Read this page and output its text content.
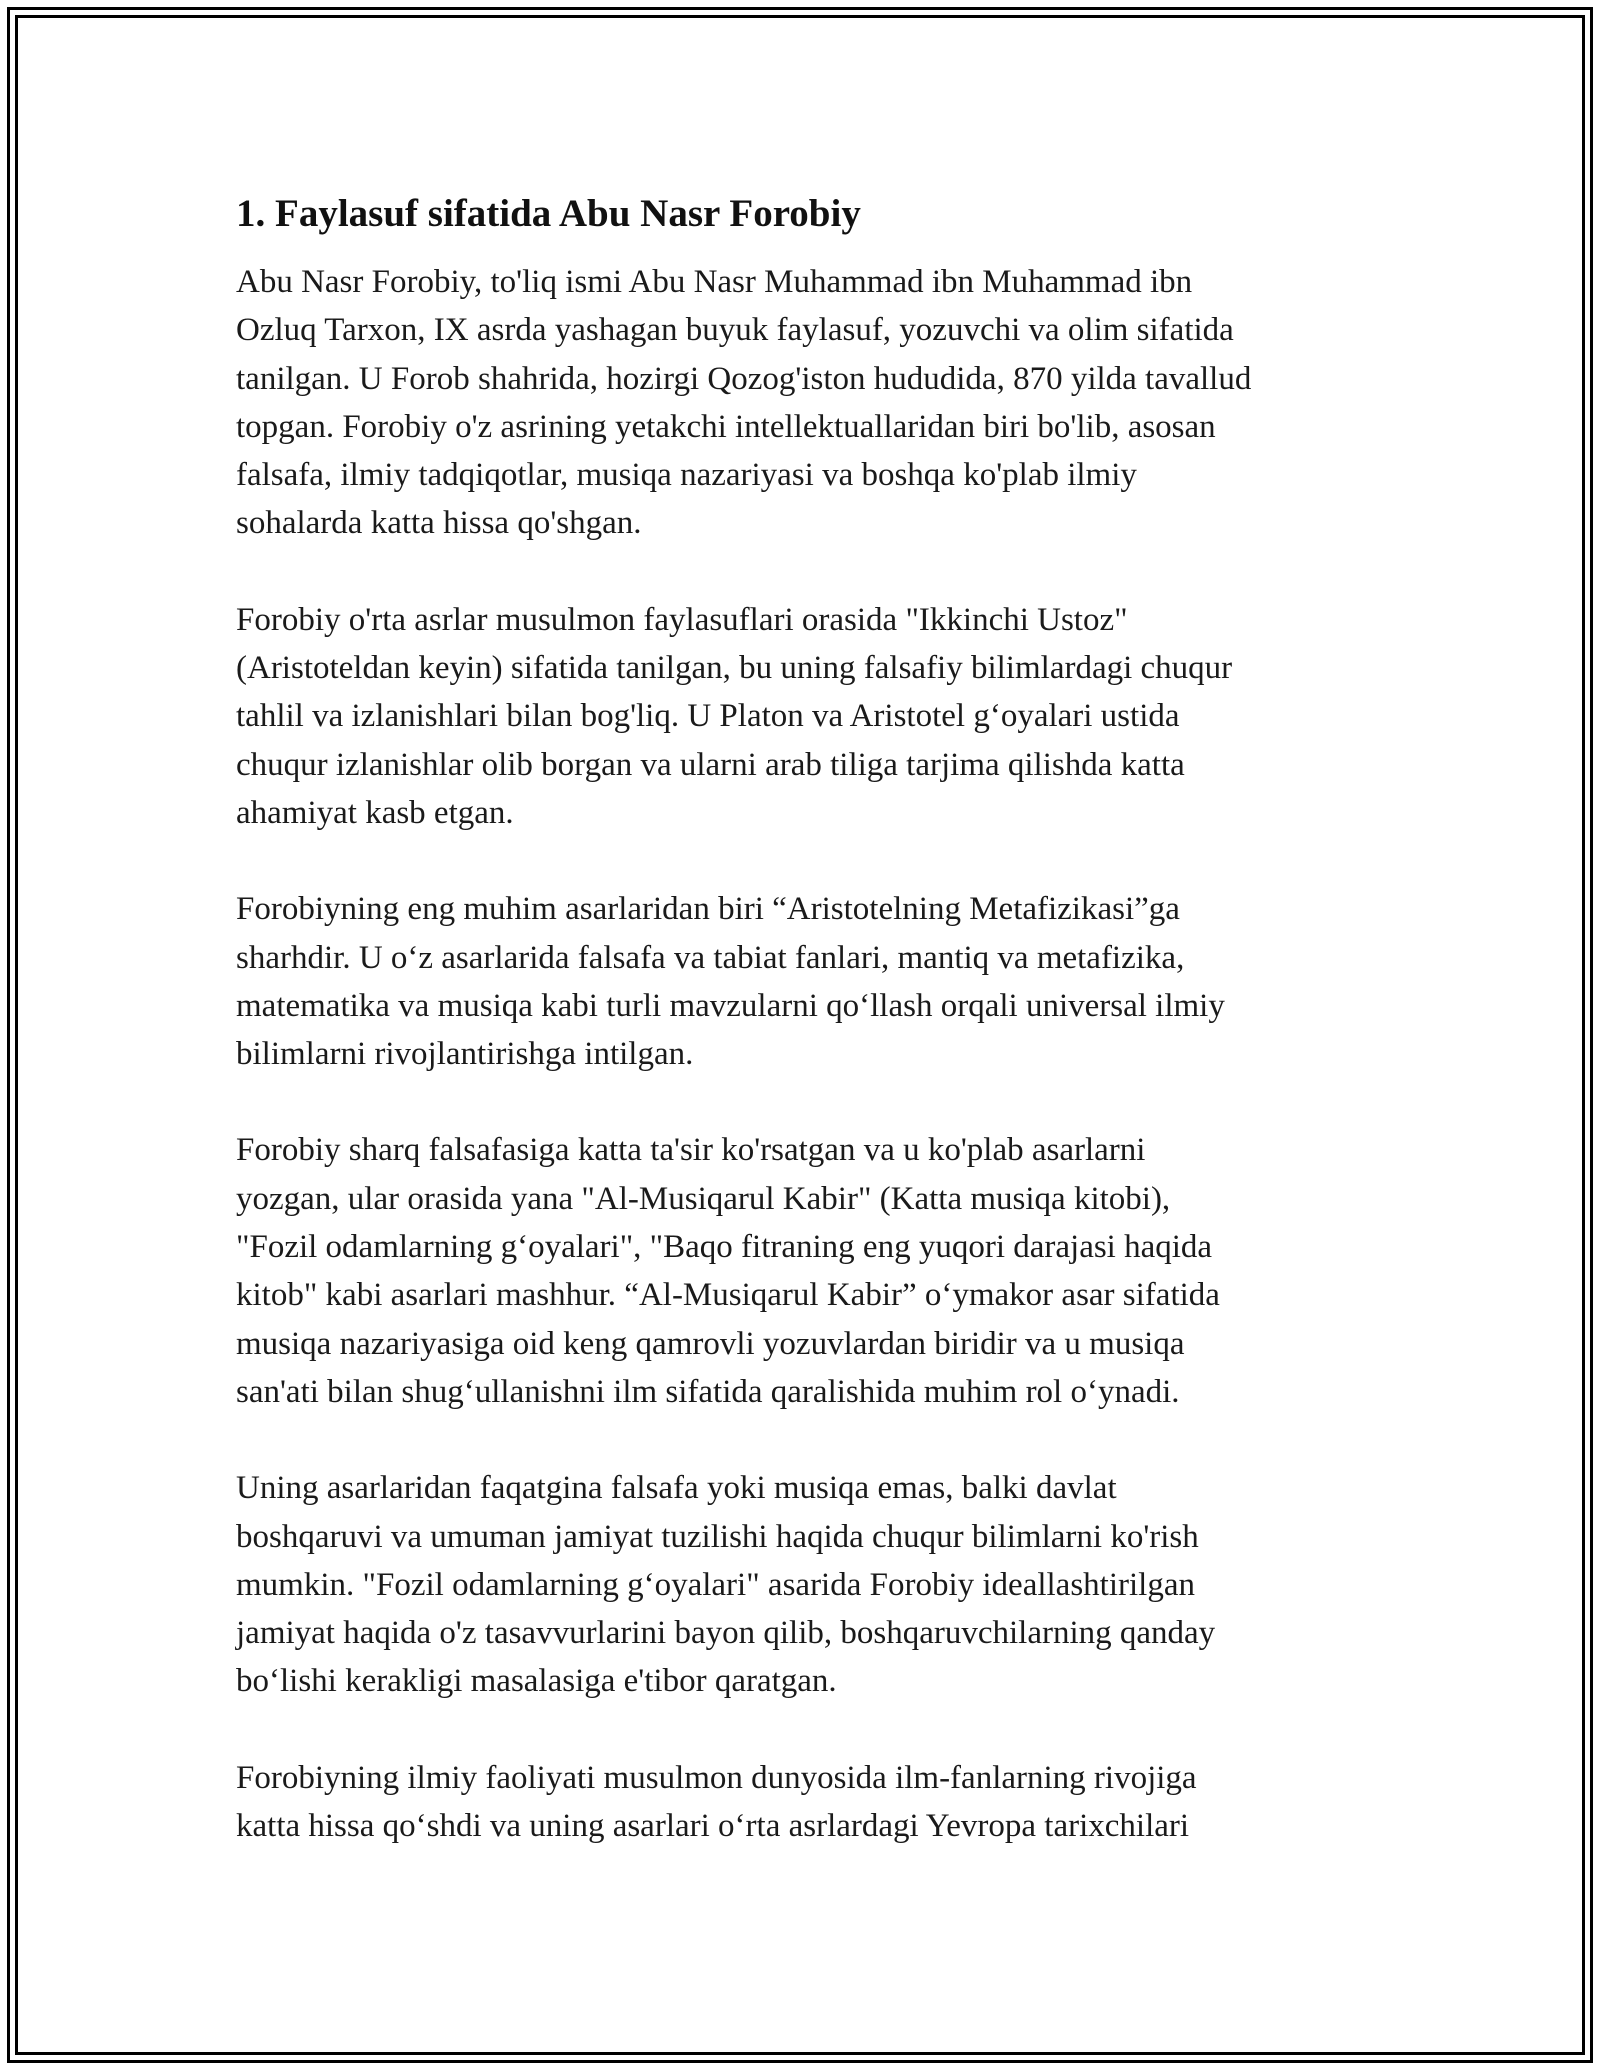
1. Faylasuf sifatida Abu Nasr Forobiy

Abu Nasr Forobiy, to'liq ismi Abu Nasr Muhammad ibn Muhammad ibn
Ozluq Tarxon, IX asrda yashagan buyuk faylasuf, yozuvchi va olim sifatida
tanilgan. U Forob shahrida, hozirgi Qozog'iston hududida, 870 yilda tavallud
topgan. Forobiy o'z asrining yetakchi intellektuallaridan biri bo'lib, asosan
falsafa, ilmiy tadqiqotlar, musiqa nazariyasi va boshqa ko'plab ilmiy
sohalarda katta hissa qo'shgan.

Forobiy o'rta asrlar musulmon faylasuflari orasida "Ikkinchi Ustoz"
(Aristoteldan keyin) sifatida tanilgan, bu uning falsafiy bilimlardagi chuqur
tahlil va izlanishlari bilan bog'liq. U Platon va Aristotel g‘oyalari ustida
chuqur izlanishlar olib borgan va ularni arab tiliga tarjima qilishda katta
ahamiyat kasb etgan.

Forobiyning eng muhim asarlaridan biri “Aristotelning Metafizikasi”ga
sharhdir. U o‘z asarlarida falsafa va tabiat fanlari, mantiq va metafizika,
matematika va musiqa kabi turli mavzularni qo‘llash orqali universal ilmiy
bilimlarni rivojlantirishga intilgan.

Forobiy sharq falsafasiga katta ta'sir ko'rsatgan va u ko'plab asarlarni
yozgan, ular orasida yana "Al-Musiqarul Kabir" (Katta musiqa kitobi),
"Fozil odamlarning g‘oyalari", "Baqo fitraning eng yuqori darajasi haqida
kitob" kabi asarlari mashhur. “Al-Musiqarul Kabir” o‘ymakor asar sifatida
musiqa nazariyasiga oid keng qamrovli yozuvlardan biridir va u musiqa
san'ati bilan shug‘ullanishni ilm sifatida qaralishida muhim rol o‘ynadi.

Uning asarlaridan faqatgina falsafa yoki musiqa emas, balki davlat
boshqaruvi va umuman jamiyat tuzilishi haqida chuqur bilimlarni ko'rish
mumkin. "Fozil odamlarning g‘oyalari" asarida Forobiy ideallashtirilgan
jamiyat haqida o'z tasavvurlarini bayon qilib, boshqaruvchilarning qanday
bo‘lishi kerakligi masalasiga e'tibor qaratgan.

Forobiyning ilmiy faoliyati musulmon dunyosida ilm-fanlarning rivojiga
katta hissa qo‘shdi va uning asarlari o‘rta asrlardagi Yevropa tarixchilari
